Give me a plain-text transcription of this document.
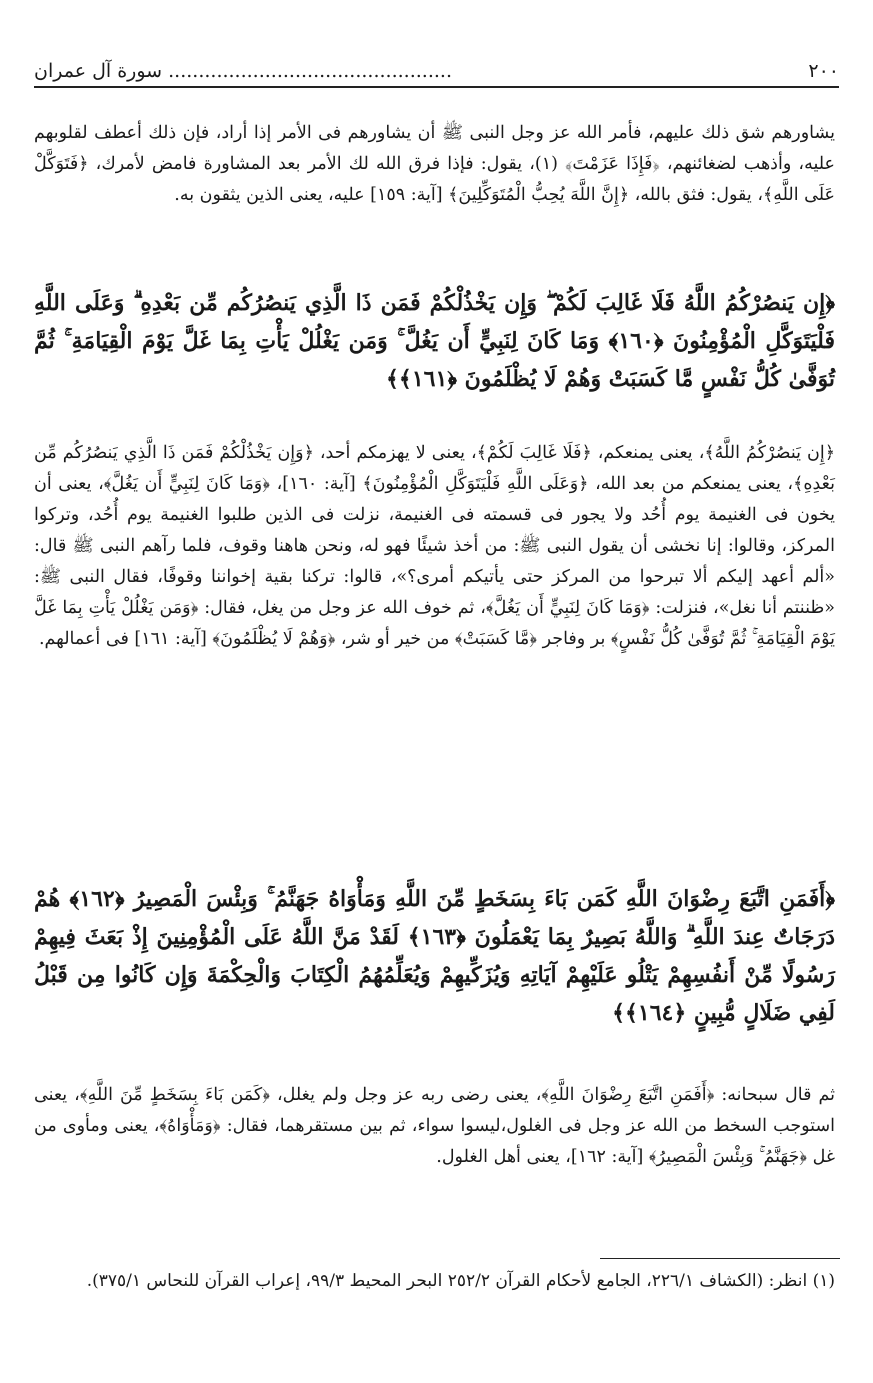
٢٠٠
............................................... سورة آل عمران

يشاورهم شق ذلك عليهم، فأمر الله عز وجل النبى ﷺ أن يشاورهم فى الأمر إذا أراد، فإن ذلك أعطف لقلوبهم عليه، وأذهب لضغائنهم، ﴿فَإِذَا عَزَمْتَ﴾ (١)، يقول: فإذا فرق الله لك الأمر بعد المشاورة فامض لأمرك، ﴿فَتَوَكَّلْ عَلَى اللَّهِ﴾، يقول: فثق بالله، ﴿إِنَّ اللَّهَ يُحِبُّ الْمُتَوَكِّلِينَ﴾ [آية: ١٥٩] عليه، يعنى الذين يثقون به.

﴿إِن يَنصُرْكُمُ اللَّهُ فَلَا غَالِبَ لَكُمْ ۖ وَإِن يَخْذُلْكُمْ فَمَن ذَا الَّذِي يَنصُرُكُم مِّن بَعْدِهِ ۗ وَعَلَى اللَّهِ فَلْيَتَوَكَّلِ الْمُؤْمِنُونَ ﴿١٦٠﴾ وَمَا كَانَ لِنَبِيٍّ أَن يَغُلَّ ۚ وَمَن يَغْلُلْ يَأْتِ بِمَا غَلَّ يَوْمَ الْقِيَامَةِ ۚ ثُمَّ تُوَفَّىٰ كُلُّ نَفْسٍ مَّا كَسَبَتْ وَهُمْ لَا يُظْلَمُونَ ﴿١٦١﴾﴾

﴿إِن يَنصُرْكُمُ اللَّهُ﴾، يعنى يمنعكم، ﴿فَلَا غَالِبَ لَكُمْ﴾، يعنى لا يهزمكم أحد، ﴿وَإِن يَخْذُلْكُمْ فَمَن ذَا الَّذِي يَنصُرُكُم مِّن بَعْدِهِ﴾، يعنى يمنعكم من بعد الله، ﴿وَعَلَى اللَّهِ فَلْيَتَوَكَّلِ الْمُؤْمِنُونَ﴾ [آية: ١٦٠]، ﴿وَمَا كَانَ لِنَبِيٍّ أَن يَغُلَّ﴾، يعنى أن يخون فى الغنيمة يوم أُحُد ولا يجور فى قسمته فى الغنيمة، نزلت فى الذين طلبوا الغنيمة يوم أُحُد، وتركوا المركز، وقالوا: إنا نخشى أن يقول النبى ﷺ: من أخذ شيئًا فهو له، ونحن هاهنا وقوف، فلما رآهم النبى ﷺ قال: «ألم أعهد إليكم ألا تبرحوا من المركز حتى يأتيكم أمرى؟»، قالوا: تركنا بقية إخواننا وقوفًا، فقال النبى ﷺ: «ظننتم أنا نغل»، فنزلت: ﴿وَمَا كَانَ لِنَبِيٍّ أَن يَغُلَّ﴾، ثم خوف الله عز وجل من يغل، فقال: ﴿وَمَن يَغْلُلْ يَأْتِ بِمَا غَلَّ يَوْمَ الْقِيَامَةِ ۚ ثُمَّ تُوَفَّىٰ كُلُّ نَفْسٍ﴾ بر وفاجر ﴿مَّا كَسَبَتْ﴾ من خير أو شر، ﴿وَهُمْ لَا يُظْلَمُونَ﴾ [آية: ١٦١] فى أعمالهم.

﴿أَفَمَنِ اتَّبَعَ رِضْوَانَ اللَّهِ كَمَن بَاءَ بِسَخَطٍ مِّنَ اللَّهِ وَمَأْوَاهُ جَهَنَّمُ ۚ وَبِئْسَ الْمَصِيرُ ﴿١٦٢﴾ هُمْ دَرَجَاتٌ عِندَ اللَّهِ ۗ وَاللَّهُ بَصِيرٌ بِمَا يَعْمَلُونَ ﴿١٦٣﴾ لَقَدْ مَنَّ اللَّهُ عَلَى الْمُؤْمِنِينَ إِذْ بَعَثَ فِيهِمْ رَسُولًا مِّنْ أَنفُسِهِمْ يَتْلُو عَلَيْهِمْ آيَاتِهِ وَيُزَكِّيهِمْ وَيُعَلِّمُهُمُ الْكِتَابَ وَالْحِكْمَةَ وَإِن كَانُوا مِن قَبْلُ لَفِي ضَلَالٍ مُّبِينٍ ﴿١٦٤﴾﴾

ثم قال سبحانه: ﴿أَفَمَنِ اتَّبَعَ رِضْوَانَ اللَّهِ﴾، يعنى رضى ربه عز وجل ولم يغلل، ﴿كَمَن بَاءَ بِسَخَطٍ مِّنَ اللَّهِ﴾، يعنى استوجب السخط من الله عز وجل فى الغلول،ليسوا سواء، ثم بين مستقرهما، فقال: ﴿وَمَأْوَاهُ﴾، يعنى ومأوى من غل ﴿جَهَنَّمُ ۚ وَبِئْسَ الْمَصِيرُ﴾ [آية: ١٦٢]، يعنى أهل الغلول.

(١) انظر: (الكشاف ٢٢٦/١، الجامع لأحكام القرآن ٢٥٢/٢ البحر المحيط ٩٩/٣، إعراب القرآن للنحاس ٣٧٥/١).
